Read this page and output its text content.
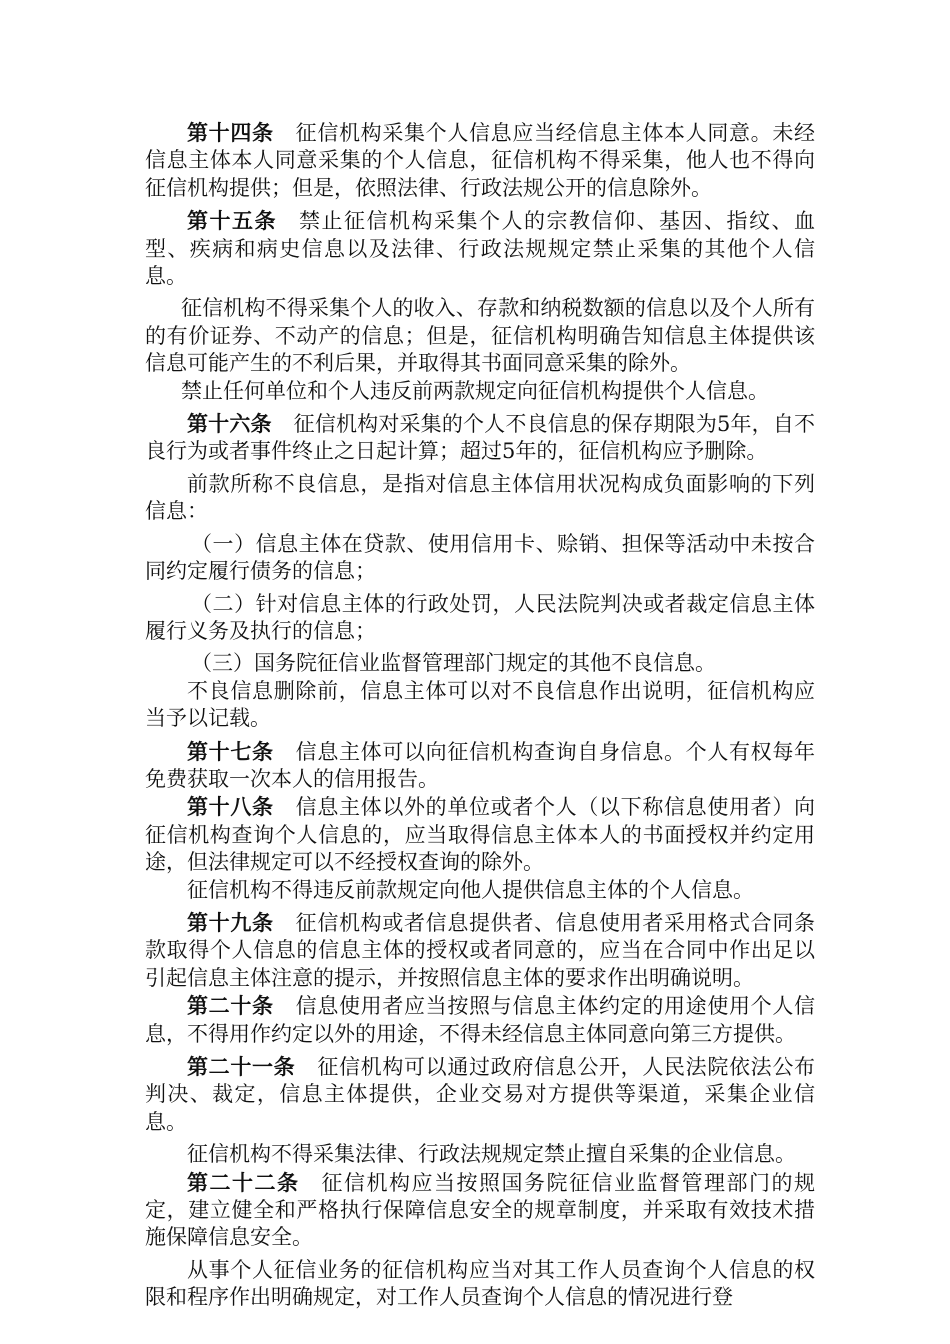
第十四条 征信机构采集个人信息应当经信息主体本人同意。未经信息主体本人同意采集的个人信息，征信机构不得采集，他人也不得向征信机构提供；但是，依照法律、行政法规公开的信息除外。

第十五条 禁止征信机构采集个人的宗教信仰、基因、指纹、血型、疾病和病史信息以及法律、行政法规规定禁止采集的其他个人信息。

征信机构不得采集个人的收入、存款和纳税数额的信息以及个人所有的有价证券、不动产的信息；但是，征信机构明确告知信息主体提供该信息可能产生的不利后果，并取得其书面同意采集的除外。

禁止任何单位和个人违反前两款规定向征信机构提供个人信息。

第十六条 征信机构对采集的个人不良信息的保存期限为5年，自不良行为或者事件终止之日起计算；超过5年的，征信机构应予删除。

前款所称不良信息，是指对信息主体信用状况构成负面影响的下列信息：

（一）信息主体在贷款、使用信用卡、赊销、担保等活动中未按合同约定履行债务的信息；

（二）针对信息主体的行政处罚，人民法院判决或者裁定信息主体履行义务及执行的信息；

（三）国务院征信业监督管理部门规定的其他不良信息。

不良信息删除前，信息主体可以对不良信息作出说明，征信机构应当予以记载。

第十七条 信息主体可以向征信机构查询自身信息。个人有权每年免费获取一次本人的信用报告。

第十八条 信息主体以外的单位或者个人（以下称信息使用者）向征信机构查询个人信息的，应当取得信息主体本人的书面授权并约定用途，但法律规定可以不经授权查询的除外。

征信机构不得违反前款规定向他人提供信息主体的个人信息。

第十九条 征信机构或者信息提供者、信息使用者采用格式合同条款取得个人信息的信息主体的授权或者同意的，应当在合同中作出足以引起信息主体注意的提示，并按照信息主体的要求作出明确说明。

第二十条 信息使用者应当按照与信息主体约定的用途使用个人信息，不得用作约定以外的用途，不得未经信息主体同意向第三方提供。

第二十一条 征信机构可以通过政府信息公开，人民法院依法公布判决、裁定，信息主体提供，企业交易对方提供等渠道，采集企业信息。

征信机构不得采集法律、行政法规规定禁止擅自采集的企业信息。

第二十二条 征信机构应当按照国务院征信业监督管理部门的规定，建立健全和严格执行保障信息安全的规章制度，并采取有效技术措施保障信息安全。

从事个人征信业务的征信机构应当对其工作人员查询个人信息的权限和程序作出明确规定，对工作人员查询个人信息的情况进行登
